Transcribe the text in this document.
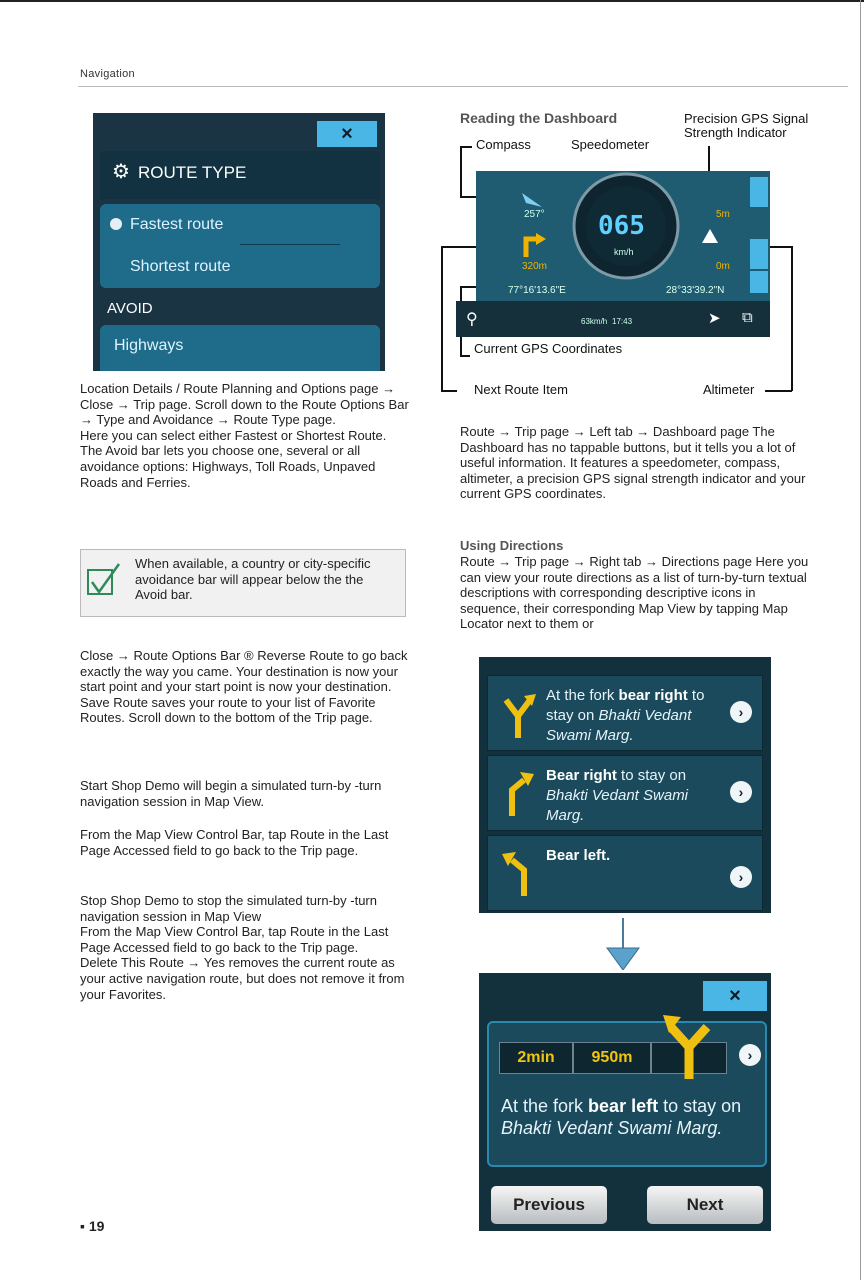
Navigation
×
⚙ ROUTE TYPE
Fastest route
Shortest route
AVOID
Highways
Location Details / Route Planning and Options page → Close → Trip page. Scroll down to the Route Options Bar → Type and Avoidance → Route Type page.
Here you can select either Fastest or Shortest Route.
The Avoid bar lets you choose one, several or all avoidance options: Highways, Toll Roads, Unpaved Roads and Ferries.
When available, a country or city-specific avoidance bar will appear below the the Avoid bar.
Close → Route Options Bar ® Reverse Route to go back exactly the way you came. Your destination is now your start point and your start point is now your destination.
Save Route saves your route to your list of Favorite Routes. Scroll down to the bottom of the Trip page.
Start Shop Demo will begin a simulated turn-by -turn navigation session in Map View.
From the Map View Control Bar, tap Route in the Last Page Accessed field to go back to the Trip page.
Stop Shop Demo to stop the simulated turn-by -turn navigation session in Map View
From the Map View Control Bar, tap Route in the Last Page Accessed field to go back to the Trip page.
Delete This Route → Yes removes the current route as your active navigation route, but does not remove it from your Favorites.
Reading the Dashboard
Compass	Speedometer
Precision GPS Signal Strength Indicator
257° 065
km/h
320m
5m
0m
77°16'13.6"E	28°33'39.2"N
⚲	63km/h 17:43	➤ ⧉
Current GPS Coordinates
Next Route Item	Altimeter
Route → Trip page → Left tab → Dashboard page The Dashboard has no tappable buttons, but it tells you a lot of useful information. It features a speedometer, compass, altimeter, a precision GPS signal strength indicator and your current GPS coordinates.
Using Directions
Route → Trip page → Right tab → Directions page Here you can view your route directions as a list of turn-by-turn textual descriptions with corresponding descriptive icons in sequence, their corresponding Map View by tapping Map Locator next to them or
At the fork bear right to stay on Bhakti Vedant Swami Marg.
›
Bear right to stay on Bhakti Vedant Swami Marg.
›
Bear left.
›
×
2min	950m	›
At the fork bear left to stay on Bhakti Vedant Swami Marg.
Previous	Next
▪ 19
